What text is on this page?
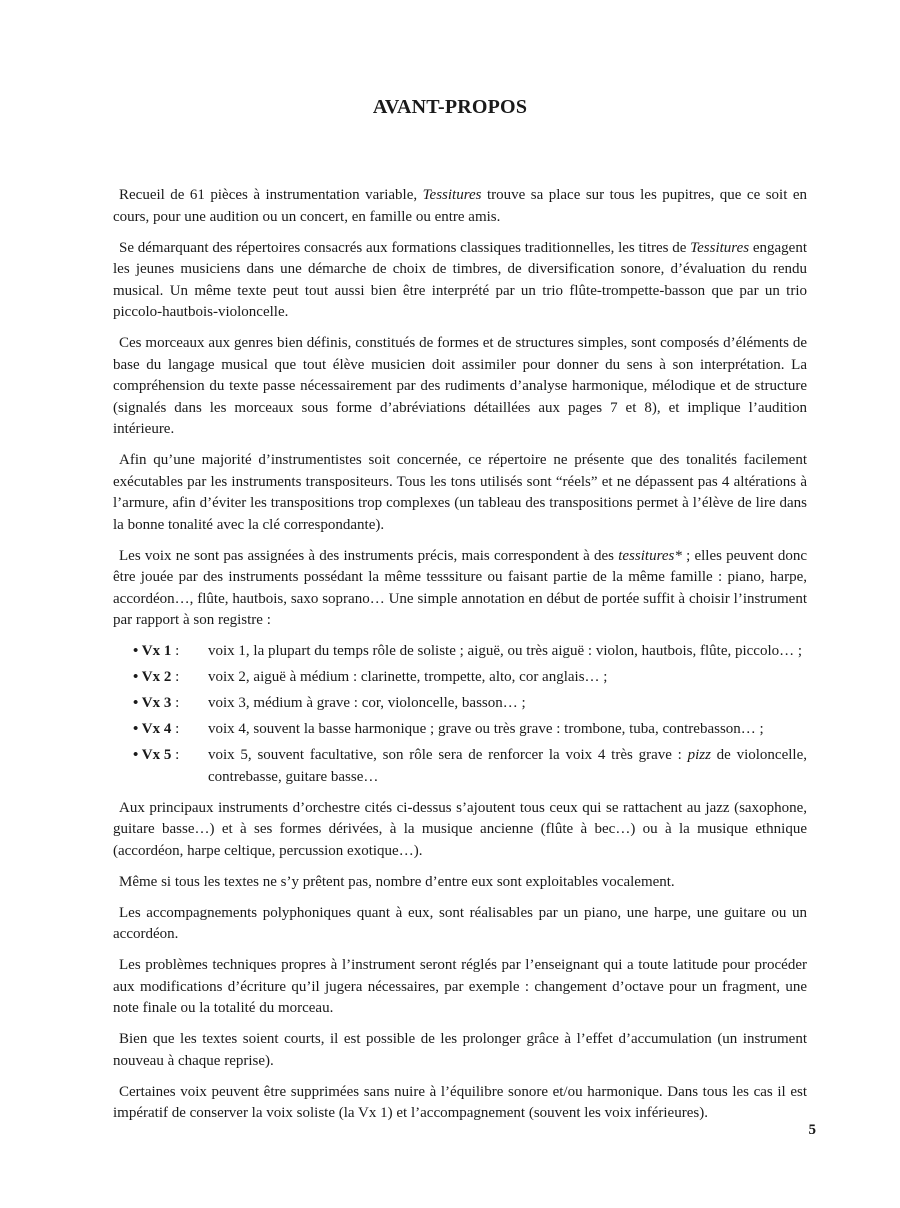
AVANT-PROPOS

Recueil de 61 pièces à instrumentation variable, Tessitures trouve sa place sur tous les pupitres, que ce soit en cours, pour une audition ou un concert, en famille ou entre amis.

Se démarquant des répertoires consacrés aux formations classiques traditionnelles, les titres de Tessitures engagent les jeunes musiciens dans une démarche de choix de timbres, de diversification sonore, d’évaluation du rendu musical. Un même texte peut tout aussi bien être interprété par un trio flûte-trompette-basson que par un trio piccolo-hautbois-violoncelle.

Ces morceaux aux genres bien définis, constitués de formes et de structures simples, sont composés d’éléments de base du langage musical que tout élève musicien doit assimiler pour donner du sens à son interprétation. La compréhension du texte passe nécessairement par des rudiments d’analyse harmonique, mélodique et de structure (signalés dans les morceaux sous forme d’abréviations détaillées aux pages 7 et 8), et implique l’audition intérieure.

Afin qu’une majorité d’instrumentistes soit concernée, ce répertoire ne présente que des tonalités facilement exécutables par les instruments transpositeurs. Tous les tons utilisés sont “réels” et ne dépassent pas 4 altérations à l’armure, afin d’éviter les transpositions trop complexes (un tableau des transpositions permet à l’élève de lire dans la bonne tonalité avec la clé correspondante).

Les voix ne sont pas assignées à des instruments précis, mais correspondent à des tessitures* ; elles peuvent donc être jouée par des instruments possédant la même tesssiture ou faisant partie de la même famille : piano, harpe, accordéon…, flûte, hautbois, saxo soprano… Une simple annotation en début de portée suffit à choisir l’instrument par rapport à son registre :

• Vx 1 :	voix 1, la plupart du temps rôle de soliste ; aiguë, ou très aiguë : violon, hautbois, flûte, piccolo… ;
• Vx 2 :	voix 2, aiguë à médium : clarinette, trompette, alto, cor anglais… ;
• Vx 3 :	voix 3, médium à grave : cor, violoncelle, basson… ;
• Vx 4 :	voix 4, souvent la basse harmonique ; grave ou très grave : trombone, tuba, contrebasson… ;
• Vx 5 :	voix 5, souvent facultative, son rôle sera de renforcer la voix 4 très grave : pizz de violoncelle, contrebasse, guitare basse…

Aux principaux instruments d’orchestre cités ci-dessus s’ajoutent tous ceux qui se rattachent au jazz (saxophone, guitare basse…) et à ses formes dérivées, à la musique ancienne (flûte à bec…) ou à la musique ethnique (accordéon, harpe celtique, percussion exotique…).

Même si tous les textes ne s’y prêtent pas, nombre d’entre eux sont exploitables vocalement.

Les accompagnements polyphoniques quant à eux, sont réalisables par un piano, une harpe, une guitare ou un accordéon.

Les problèmes techniques propres à l’instrument seront réglés par l’enseignant qui a toute latitude pour procéder aux modifications d’écriture qu’il jugera nécessaires, par exemple : changement d’octave pour un fragment, une note finale ou la totalité du morceau.

Bien que les textes soient courts, il est possible de les prolonger grâce à l’effet d’accumulation (un instrument nouveau à chaque reprise).

Certaines voix peuvent être supprimées sans nuire à l’équilibre sonore et/ou harmonique. Dans tous les cas il est impératif de conserver la voix soliste (la Vx 1) et l’accompagnement (souvent les voix inférieures).

5
